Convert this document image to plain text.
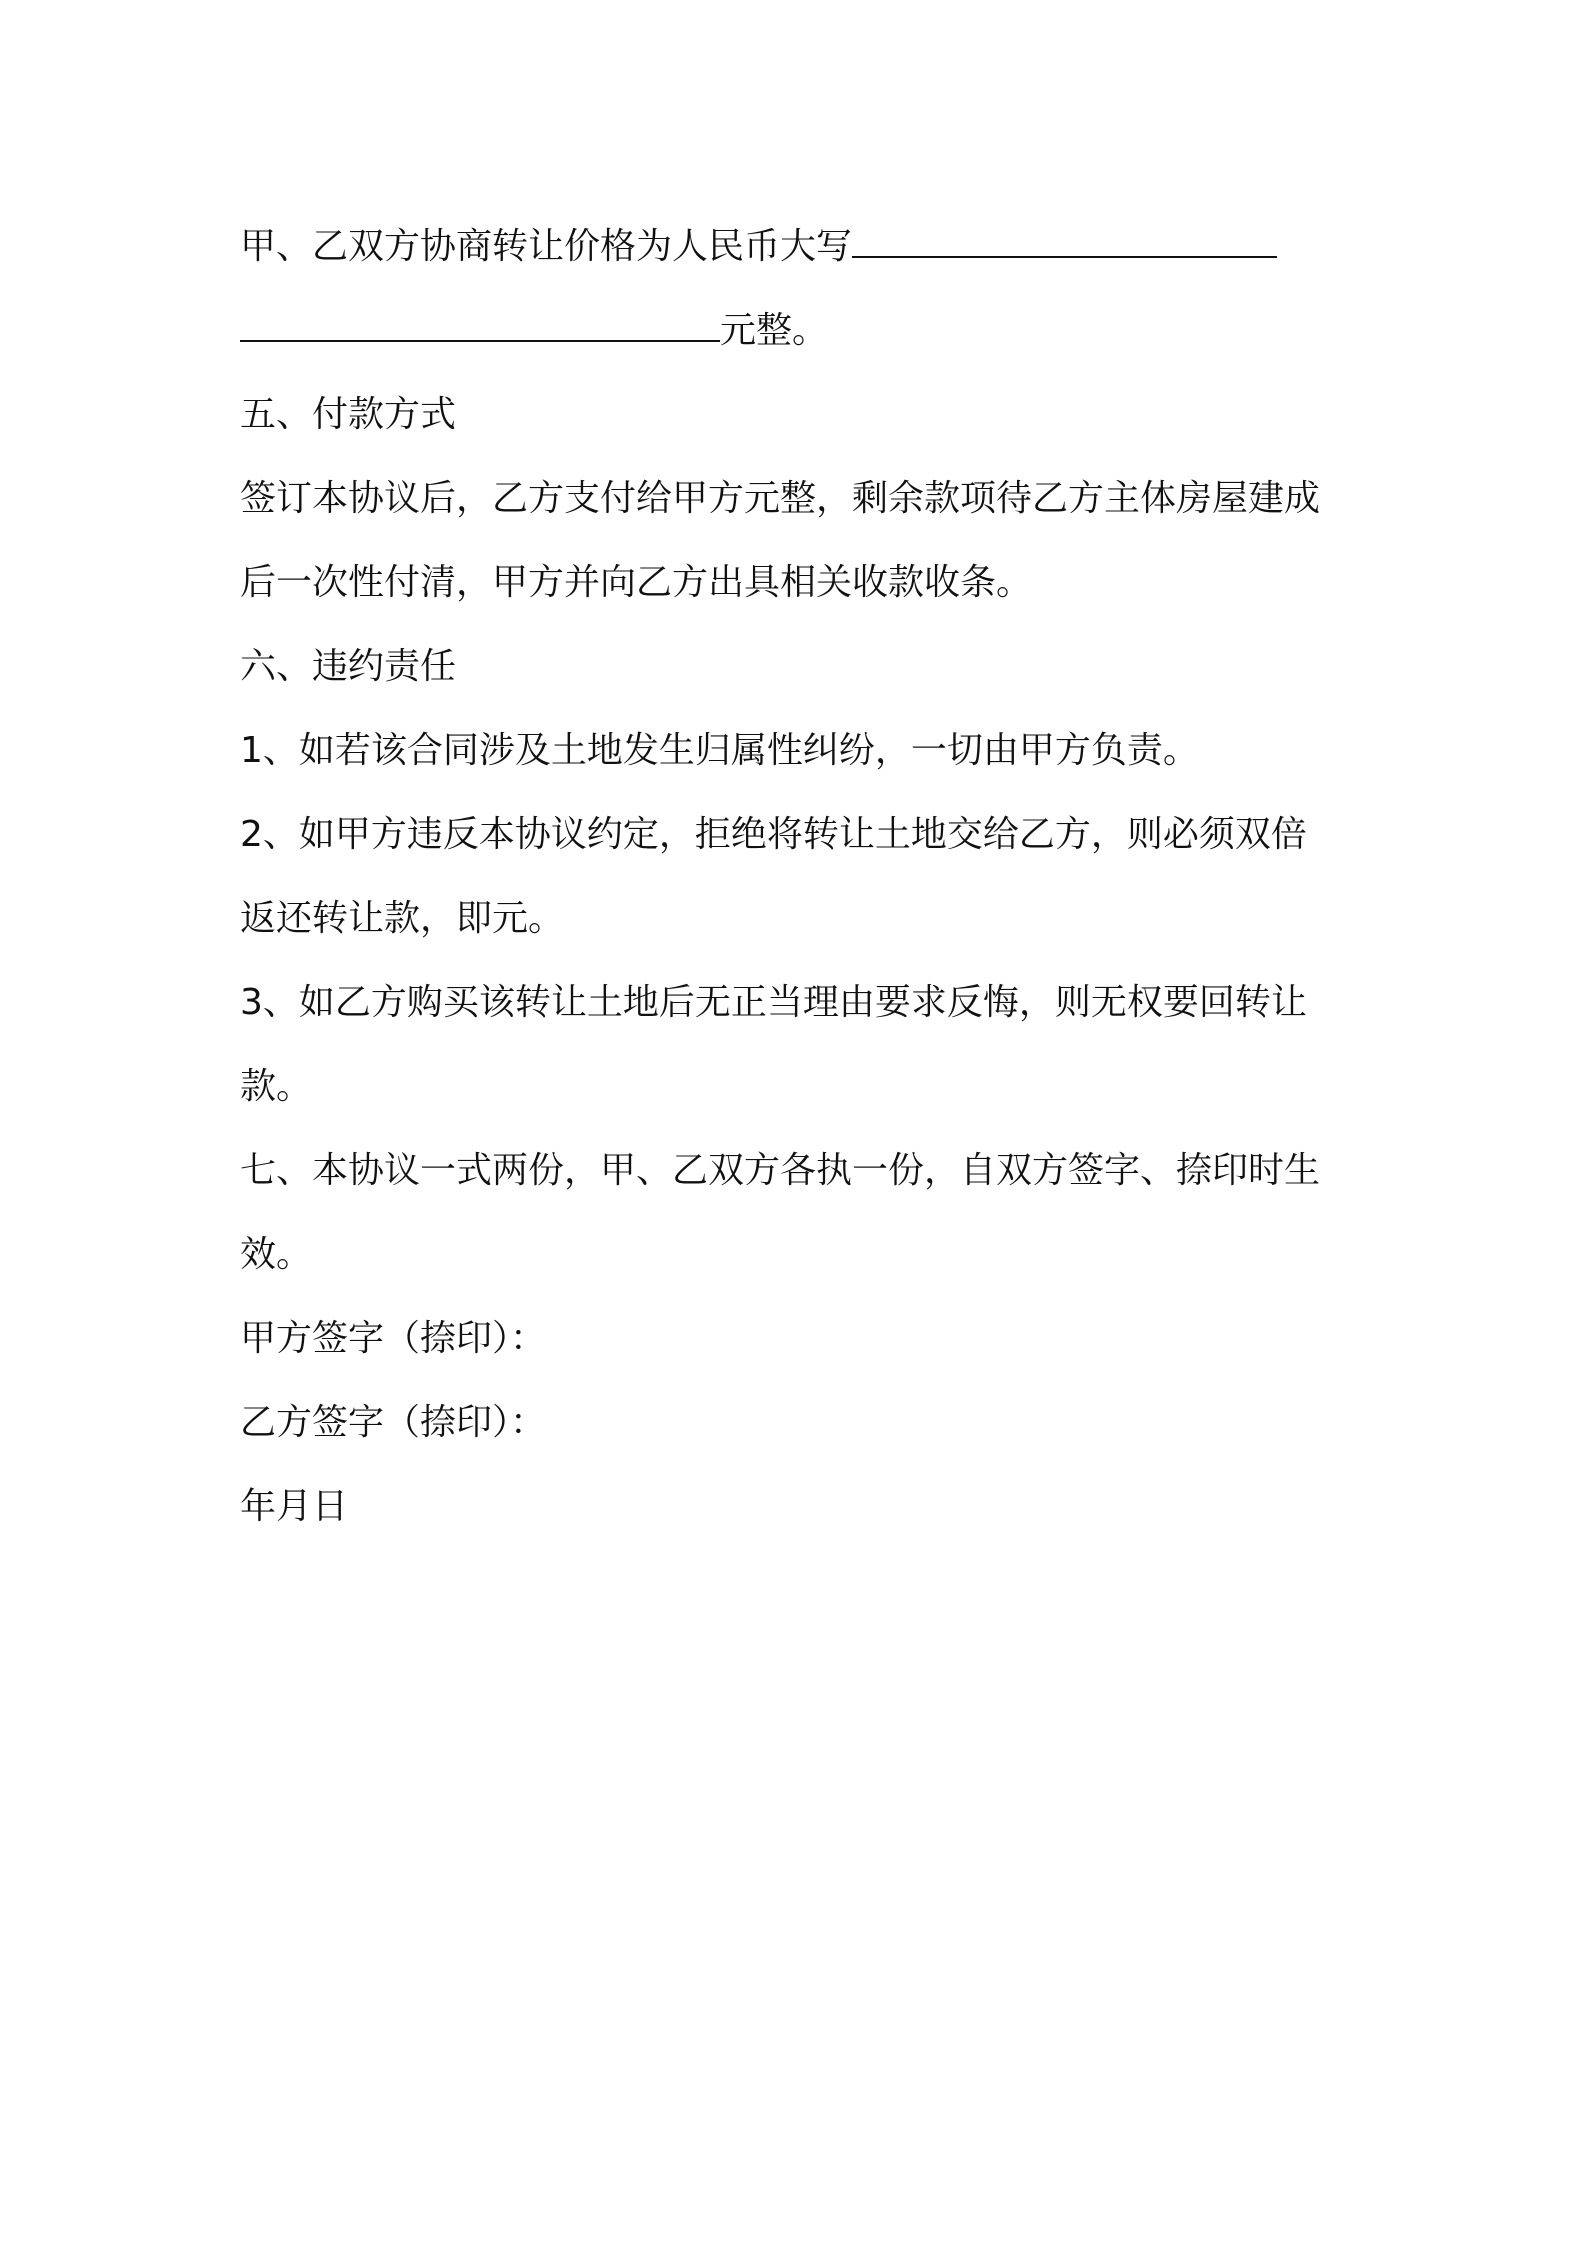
甲、乙双方协商转让价格为人民币大写
元整。
五、付款方式
签订本协议后，乙方支付给甲方元整，剩余款项待乙方主体房屋建成
后一次性付清，甲方并向乙方出具相关收款收条。
六、违约责任
1、如若该合同涉及土地发生归属性纠纷，一切由甲方负责。
2、如甲方违反本协议约定，拒绝将转让土地交给乙方，则必须双倍
返还转让款，即元。
3、如乙方购买该转让土地后无正当理由要求反悔，则无权要回转让
款。
七、本协议一式两份，甲、乙双方各执一份，自双方签字、捺印时生
效。
甲方签字（捺印）：
乙方签字（捺印）：
年月日
